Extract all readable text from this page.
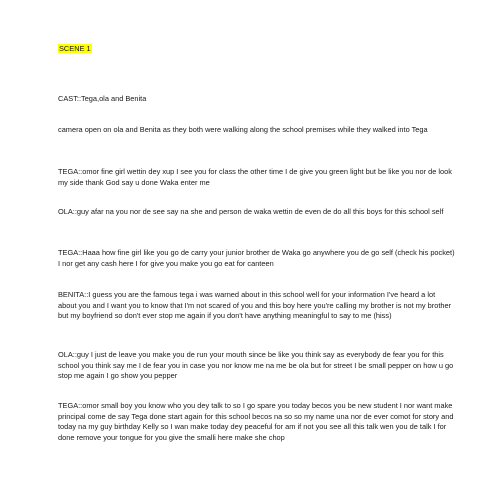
SCENE 1

CAST::Tega,ola and Benita

camera open on ola and Benita as they both were walking along the school premises while they walked into Tega

TEGA::omor fine girl wettin dey xup I see you for class the other time I de give you green light but be like you nor de look my side thank God say u done Waka enter me

OLA::guy afar na you nor de see say na she and person de waka wettin de even de do all this boys for this school self

TEGA::Haaa how fine girl like you go de carry your junior brother de Waka go anywhere you de go self (check his pocket) I nor get any cash here I for give you make you go eat for canteen

BENITA::I guess you are the famous tega i was warned about in this school well for your information I've heard a lot about you and I want you to know that I'm not scared of you and this boy here you're calling my brother is not my brother but my boyfriend so don't ever stop me again if you don't have anything meaningful to say to me (hiss)

OLA::guy I just de leave you make you de run your mouth since be like you think say as everybody de fear you for this school you think say me I de fear you in case you nor know me na me be ola but for street I be small pepper on how u go stop me again I go show you pepper

TEGA::omor small boy you know who you dey talk to so I go spare you today becos you be new student I nor want make principal come de say Tega done start again for this school becos na so so my name una nor de ever comot for story and today na my guy birthday Kelly so I wan make today dey peaceful for am if not you see all this talk wen you de talk I for done remove your tongue for you give the smalli here make she chop
